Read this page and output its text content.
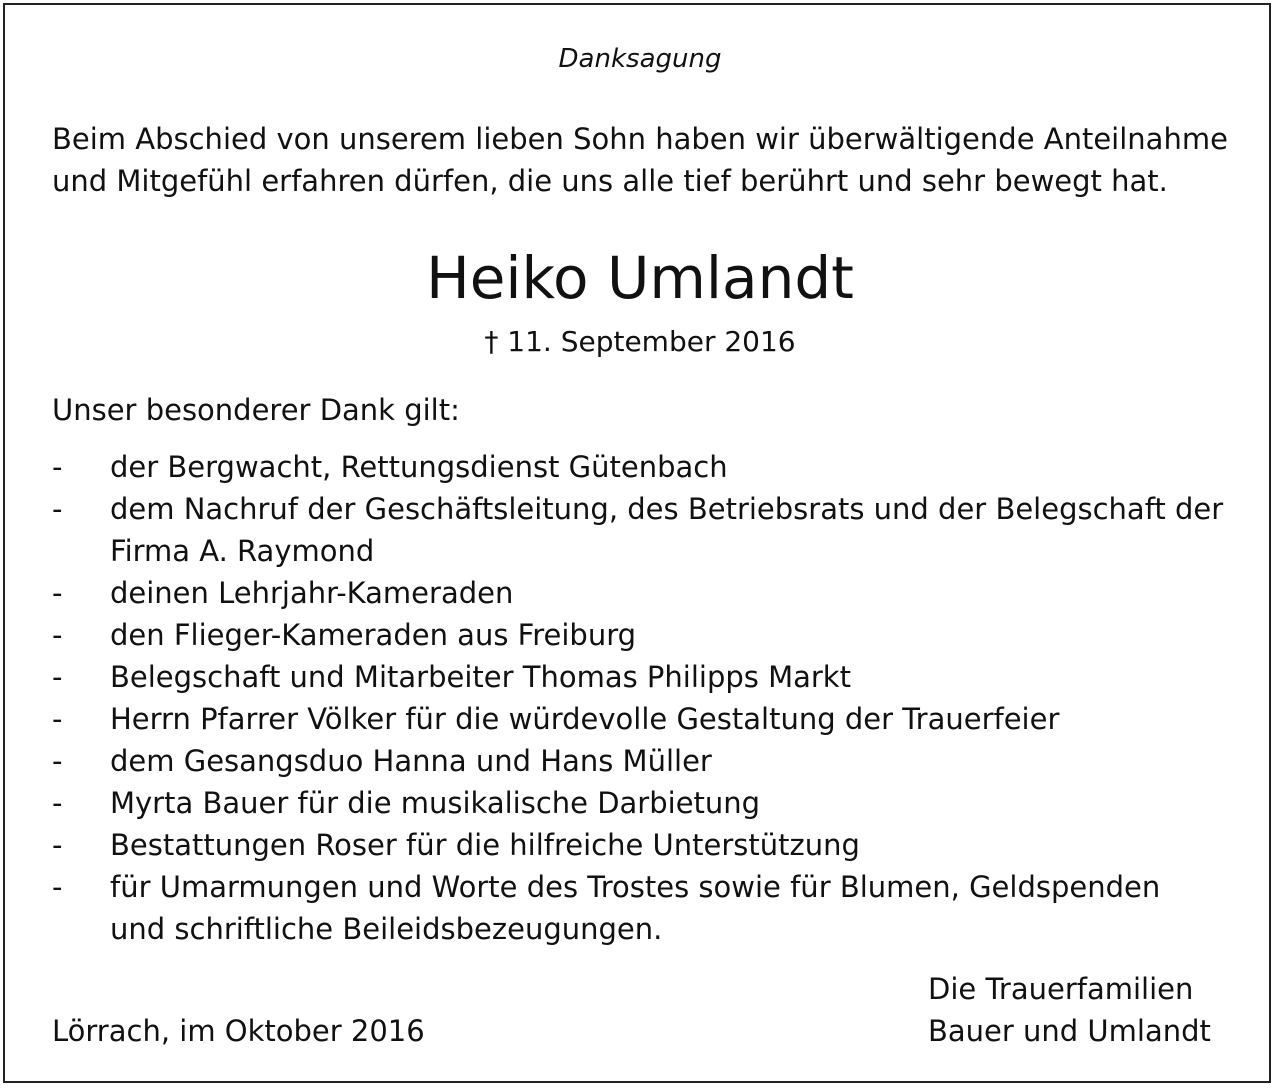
Danksagung
Beim Abschied von unserem lieben Sohn haben wir überwältigende Anteilnahme
und Mitgefühl erfahren dürfen, die uns alle tief berührt und sehr bewegt hat.
Heiko Umlandt
† 11. September 2016
Unser besonderer Dank gilt:
- der Bergwacht, Rettungsdienst Gütenbach
- dem Nachruf der Geschäftsleitung, des Betriebsrats und der Belegschaft der
Firma A. Raymond
- deinen Lehrjahr-Kameraden
- den Flieger-Kameraden aus Freiburg
- Belegschaft und Mitarbeiter Thomas Philipps Markt
- Herrn Pfarrer Völker für die würdevolle Gestaltung der Trauerfeier
- dem Gesangsduo Hanna und Hans Müller
- Myrta Bauer für die musikalische Darbietung
- Bestattungen Roser für die hilfreiche Unterstützung
- für Umarmungen und Worte des Trostes sowie für Blumen, Geldspenden
und schriftliche Beileidsbezeugungen.
Lörrach, im Oktober 2016
Die Trauerfamilien
Bauer und Umlandt
